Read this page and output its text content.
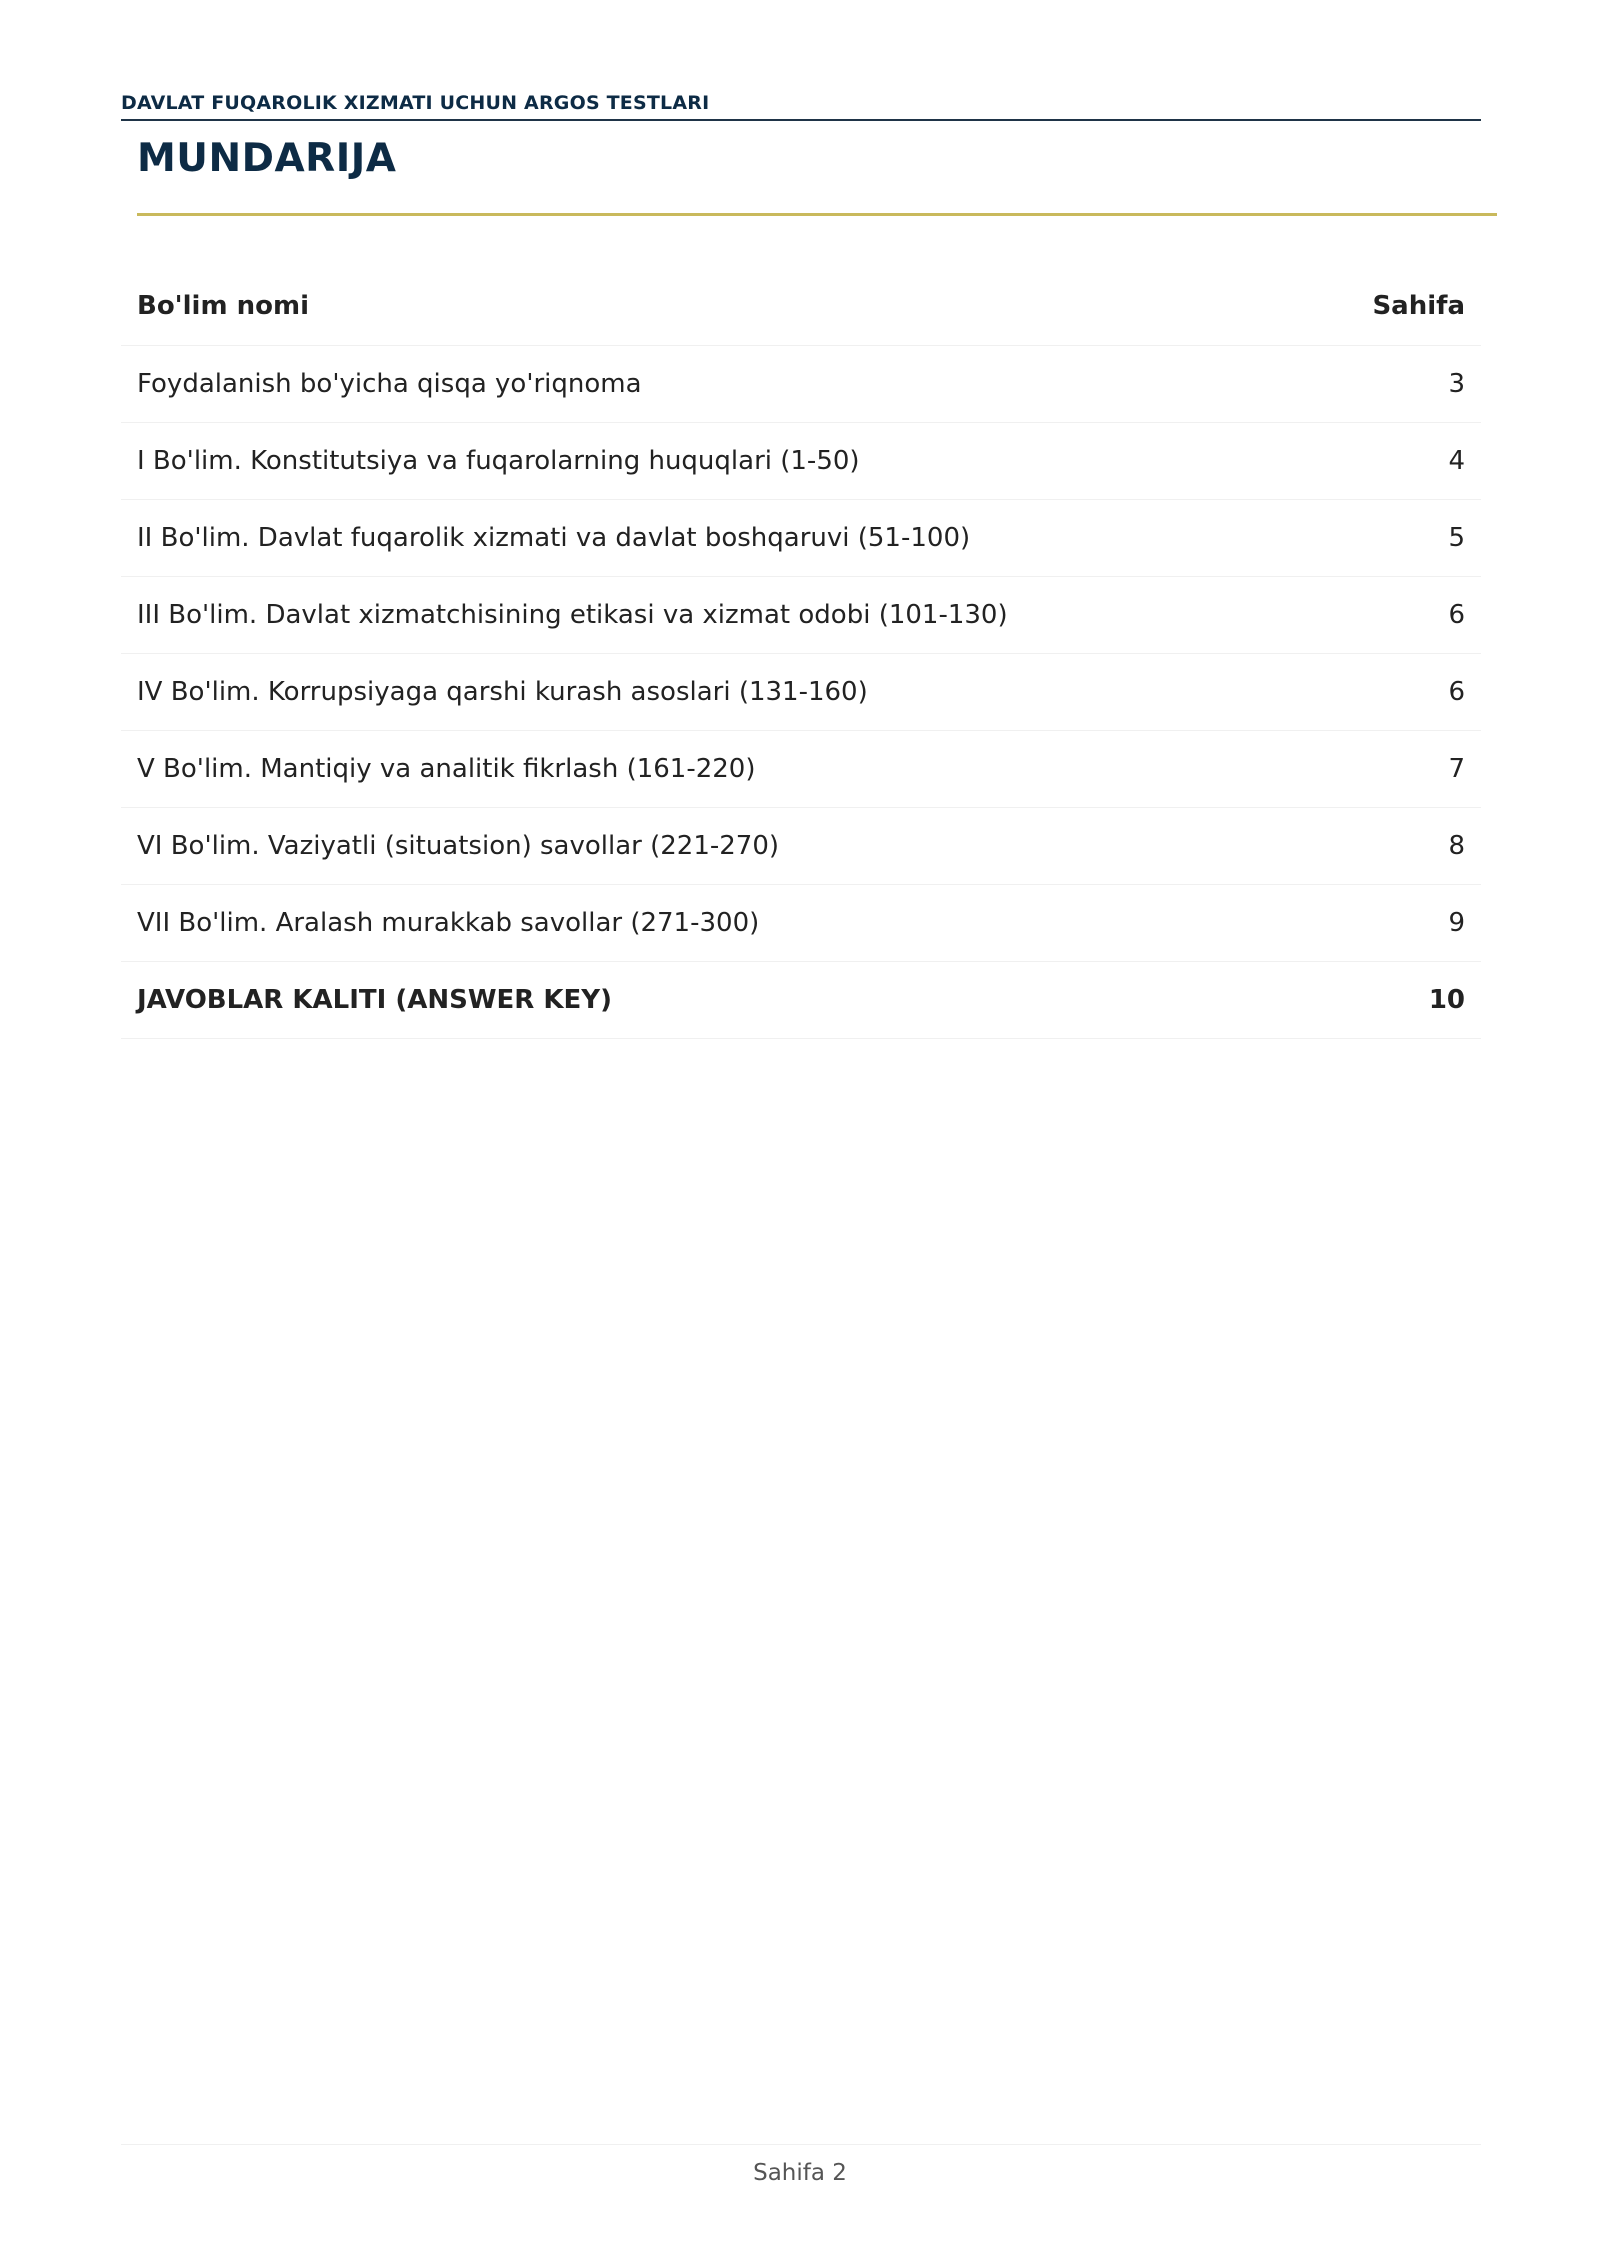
DAVLAT FUQAROLIK XIZMATI UCHUN ARGOS TESTLARI
MUNDARIJA
Bo'lim nomi	Sahifa
Foydalanish bo'yicha qisqa yo'riqnoma	3
I Bo'lim. Konstitutsiya va fuqarolarning huquqlari (1-50)	4
II Bo'lim. Davlat fuqarolik xizmati va davlat boshqaruvi (51-100)	5
III Bo'lim. Davlat xizmatchisining etikasi va xizmat odobi (101-130)	6
IV Bo'lim. Korrupsiyaga qarshi kurash asoslari (131-160)	6
V Bo'lim. Mantiqiy va analitik fikrlash (161-220)	7
VI Bo'lim. Vaziyatli (situatsion) savollar (221-270)	8
VII Bo'lim. Aralash murakkab savollar (271-300)	9
JAVOBLAR KALITI (ANSWER KEY)	10
Sahifa 2
